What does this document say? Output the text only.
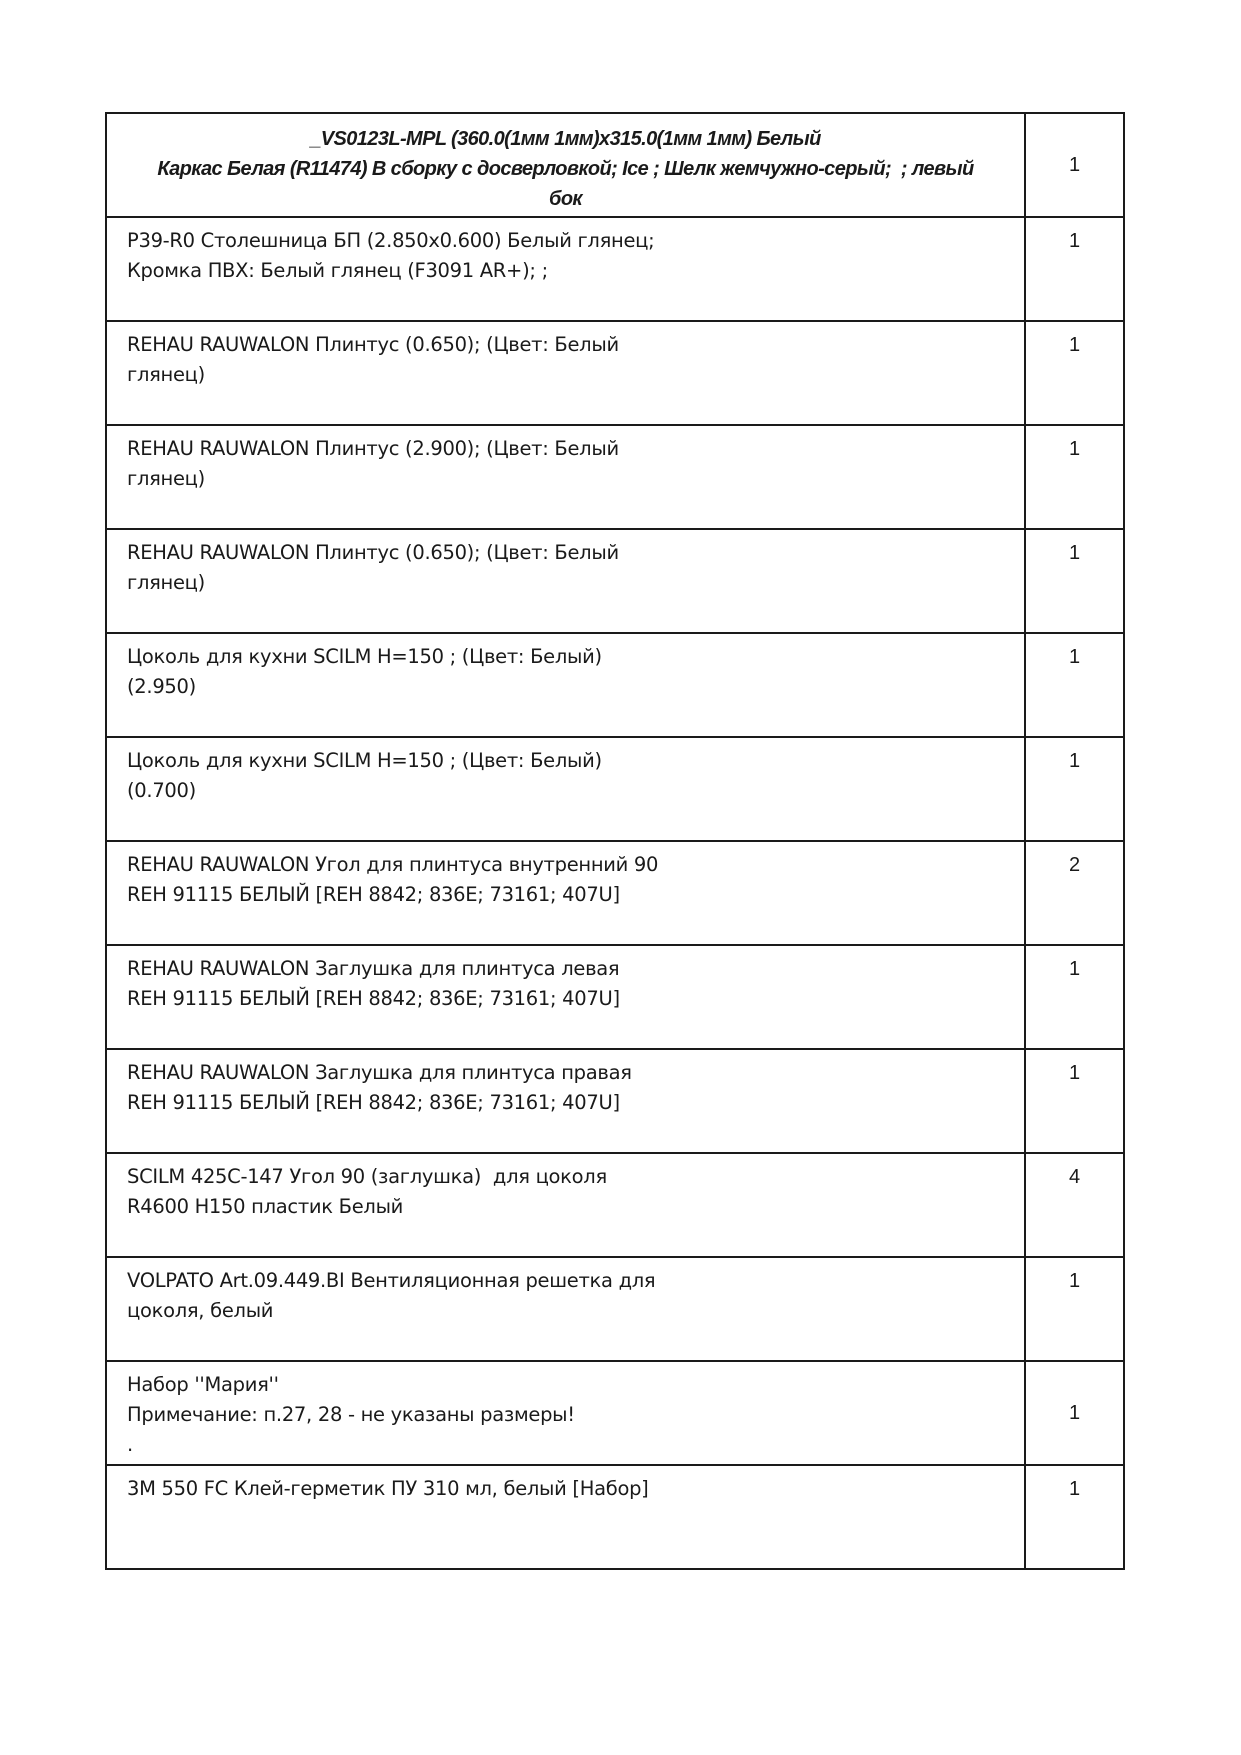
_VS0123L-MPL (360.0(1мм 1мм)x315.0(1мм 1мм) Белый
Каркас Белая (R11474) В сборку с досверловкой; Ice ; Шелк жемчужно-серый;  ; левый
бок	1

P39-R0 Столешница БП (2.850x0.600) Белый глянец;
Кромка ПВХ: Белый глянец (F3091 AR+); ;	1

REHAU RAUWALON Плинтус (0.650); (Цвет: Белый
глянец)	1

REHAU RAUWALON Плинтус (2.900); (Цвет: Белый
глянец)	1

REHAU RAUWALON Плинтус (0.650); (Цвет: Белый
глянец)	1

Цоколь для кухни SCILM H=150 ; (Цвет: Белый)
(2.950)	1

Цоколь для кухни SCILM H=150 ; (Цвет: Белый)
(0.700)	1

REHAU RAUWALON Угол для плинтуса внутренний 90
REH 91115 БЕЛЫЙ [REH 8842; 836E; 73161; 407U]	2

REHAU RAUWALON Заглушка для плинтуса левая
REH 91115 БЕЛЫЙ [REH 8842; 836E; 73161; 407U]	1

REHAU RAUWALON Заглушка для плинтуса правая
REH 91115 БЕЛЫЙ [REH 8842; 836E; 73161; 407U]	1

SCILM 425C-147 Угол 90 (заглушка)  для цоколя
R4600 H150 пластик Белый	4

VOLPATO Art.09.449.BI Вентиляционная решетка для
цоколя, белый	1

Набор ''Мария''
Примечание: п.27, 28 - не указаны размеры!
.	1

3M 550 FC Клей-герметик ПУ 310 мл, белый [Набор]	1
